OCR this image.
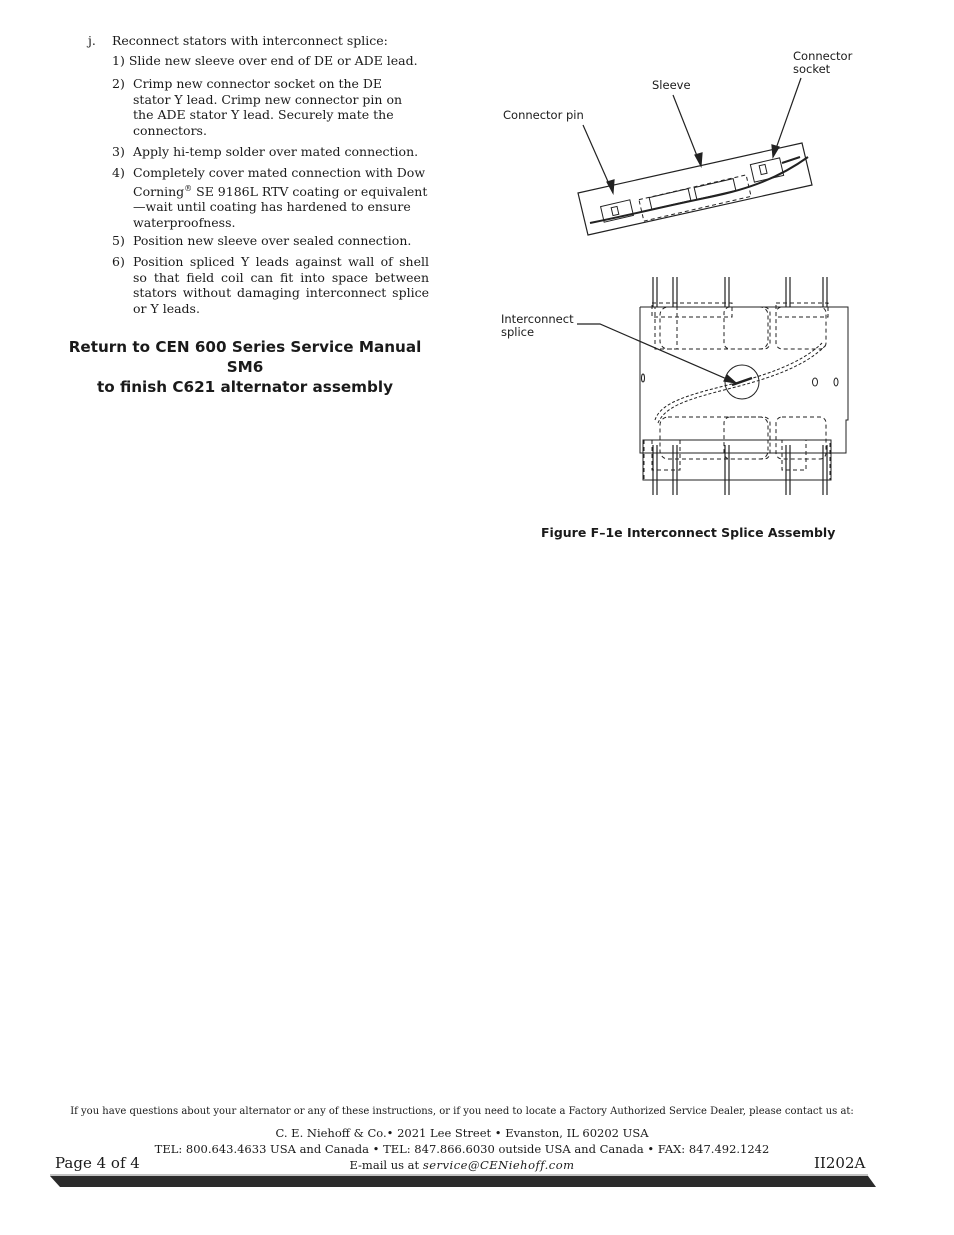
j. Reconnect stators with interconnect splice:
1) Slide new sleeve over end of DE or ADE lead.
2) Crimp new connector socket on the DE stator Y lead. Crimp new connector pin on the ADE stator Y lead. Securely mate the connectors.
3) Apply hi-temp solder over mated connection.
4) Completely cover mated connection with Dow Corning® SE 9186L RTV coating or equivalent—wait until coating has hardened to ensure waterproofness.
5) Position new sleeve over sealed connection.
6) Position spliced Y leads against wall of shell so that field coil can fit into space between stators without damaging interconnect splice or Y leads.
Return to CEN 600 Series Service Manual SM6
to finish C621 alternator assembly
Connector
socket
Sleeve
Connector pin
Interconnect
splice
Figure F–1e Interconnect Splice Assembly
If you have questions about your alternator or any of these instructions, or if you need to locate a Factory Authorized Service Dealer, please contact us at:
C. E. Niehoff & Co.• 2021 Lee Street • Evanston, IL 60202 USA
TEL: 800.643.4633 USA and Canada • TEL: 847.866.6030 outside USA and Canada • FAX: 847.492.1242
E-mail us at service@CENiehoff.com
Page 4 of 4	II202A
